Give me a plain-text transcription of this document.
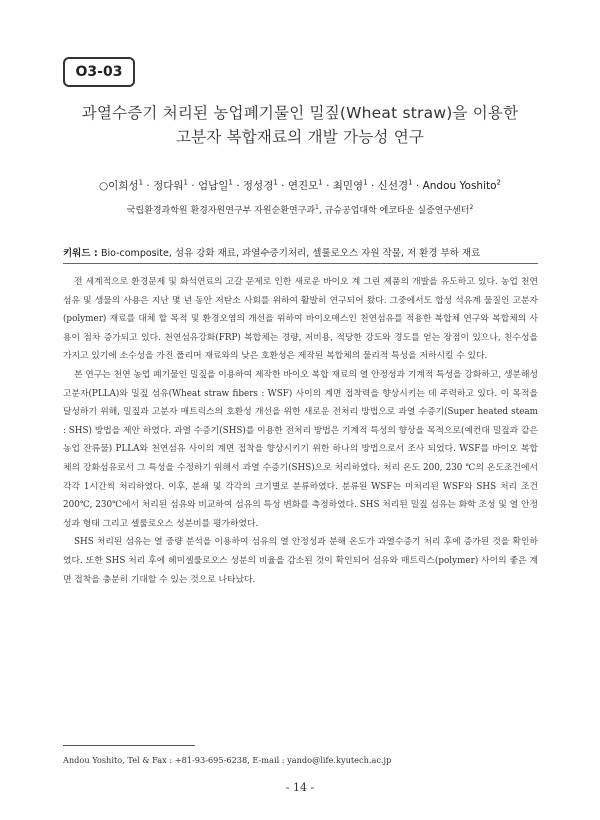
O3-03
과열수증기 처리된 농업폐기물인 밀짚(Wheat straw)을 이용한
고분자 복합재료의 개발 가능성 연구
○이희성$^1$ · 정다워$^1$ · 엄남일$^1$ · 정성경$^1$ · 연진모$^1$ · 최민영$^1$ · 신선경$^1$ · Andou Yoshito$^2$
국립환경과학원 환경자원연구부 자원순환연구과$^1$, 규슈공업대학 에코타운 실증연구센터$^2$
키워드 : Bio-composite, 섬유 강화 재료, 과열수증기처리, 셀룰로오스 자원 작물, 저 환경 부하 재료

전 세계적으로 환경문제 및 화석연료의 고갈 문제로 인한 새로운 바이오 계 그린 제품의 개발을 유도하고 있다. 농업 천연 섬유 및 생물의 사용은 지난 몇 년 동안 저탄소 사회를 위하여 활발히 연구되어 왔다. 그중에서도 합성 석유계 물질인 고분자(polymer) 재료를 대체 할 목적 및 환경오염의 개선을 위하여 바이오매스인 천연섬유를 적용한 복합체 연구와 복합체의 사용이 점차 증가되고 있다. 천연섬유강화(FRP) 복합체는 경량, 저비용, 적당한 강도와 경도를 얻는 장점이 있으나, 친수성을 가지고 있기에 소수성을 가진 폴리머 재료와의 낮은 호환성은 제작된 복합체의 물리적 특성을 저하시킬 수 있다.

본 연구는 천연 농업 폐기물인 밀짚을 이용하여 제작한 바이오 복합 재료의 열 안정성과 기계적 특성을 강화하고, 생분해성 고분자(PLLA)와 밀짚 섬유(Wheat straw fibers : WSF) 사이의 계면 접착력을 향상시키는 데 주력하고 있다. 이 목적을 달성하기 위해, 밀짚과 고분자 매트릭스의 호환성 개선을 위한 새로운 전처리 방법으로 과열 수증기(Super heated steam : SHS) 방법을 제안 하였다. 과열 수증기(SHS)를 이용한 전처리 방법은 기계적 특성의 향상을 목적으로(예컨대 밀짚과 같은 농업 잔류물) PLLA와 천연섬유 사이의 계면 접착을 향상시키기 위한 하나의 방법으로서 조사 되었다. WSF를 바이오 복합체의 강화섬유로서 그 특성을 수정하기 위해서 과열 수증기(SHS)으로 처리하였다. 처리 온도 200, 230 ℃의 온도조건에서 각각 1시간씩 처리하였다. 이후, 분쇄 및 각각의 크기별로 분류하였다. 분류된 WSF는 미처리된 WSF와 SHS 처리 조건 200℃, 230℃에서 처리된 섬유와 비교하여 섬유의 특성 변화를 측정하였다. SHS 처리된 밀짚 섬유는 화학 조성 및 열 안정성과 형태 그리고 셀룰로오스 성분비를 평가하였다.

SHS 처리된 섬유는 열 중량 분석을 이용하여 섬유의 열 안정성과 분해 온도가 과열수증기 처리 후에 증가된 것을 확인하였다. 또한 SHS 처리 후에 헤미셀룰로오스 성분의 비율을 감소된 것이 확인되어 섬유와 매트릭스(polymer) 사이의 좋은 계면 접착을 충분히 기대할 수 있는 것으로 나타났다.

Andou Yoshito, Tel & Fax : +81-93-695-6238, E-mail : yando@life.kyutech.ac.jp
- 14 -
